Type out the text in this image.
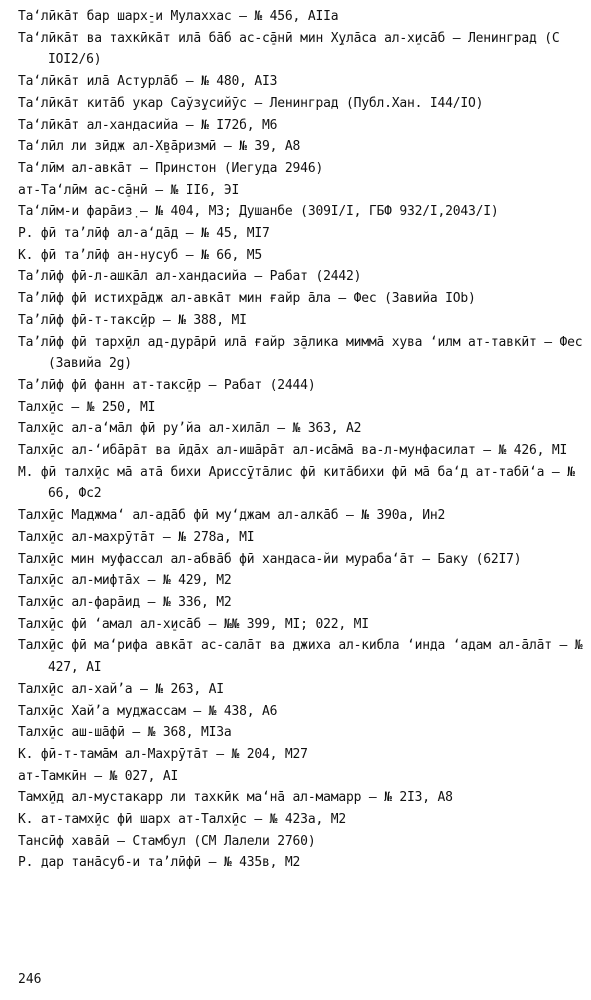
Таʻлӣкāт бар шарх̠-и Мулаххаc – № 456, AIIa
Таʻлӣкāт ва тахкӣкāт илā бāб ас-с̠āнӣ мин Х̠улāса ал-х̠исāб – Ленинград (С IOI2/6)
Таʻлӣкāт илā Астурлāб – № 480, AI3
Таʻлӣкāт китāб укар Саўз̠усийӯс – Ленинград (Публ.Хан. I44/IO)
Таʻлӣкāт ал-хандасийа – № I72б, M6
Таʻлӣл ли зӣдж ал-Х̠вāризмӣ – № 39, A8
Таʻлӣм ал-авкāт – Принстон (Иегуда 2946)
ат-Таʻлӣм ас-с̠āнӣ – № II6, ЭI
Таʻлӣм-и фарāиз̣ – № 404, M3; Душанбе (309I/I, ГБФ 932/I,2043/I)
Р. фӣ таʼлӣф ал-аʻдāд – № 45, MI7
К. фӣ таʼлӣф ан-нусуб – № 66, M5
Таʼлӣф фӣ-л-ашкāл ал-хандасийа – Рабат (2442)
Таʼлӣф фӣ истих̠рāдж ал-авкāт мин ғайр āла – Фес (Завийа IOb)
Таʼлӣф фӣ-т-такс̠ӣр – № 388, MI
Таʼлӣф фӣ тарх̠ӣл ад-дурāрӣ илā ғайр з̠āлика миммā хува ʻилм ат-тавкӣт – Фес (Завийа 2g)
Таʼлӣф фӣ фанн ат-такс̠ӣр – Рабат (2444)
Талх̠ӣс – № 250, MI
Талх̠ӣс ал-аʻмāл фӣ руʼйа ал-хилāл – № 363, A2
Талх̠ӣс ал-ʻибāрāт ва ӣдāх ал-ишāрāт ал-исāмā ва-л-мунфасилат – № 426, MI
M. фӣ талх̠ӣс мā атā бихи Арисс̠ӯтāлис фӣ китāбихи фӣ мā баʻд ат-табӣʻа – № 66, Фс2
Талх̠ӣс Маджмаʻ ал-адāб фӣ муʻджам ал-алкāб – № 390a, Ин2
Талх̠ӣс ал-махрӯтāт – № 278a, MI
Талх̠ӣс мин муфассал ал-абвāб фӣ хандаса-йи мурабаʻāт – Баку (62I7)
Талх̠ӣс ал-мифтāх – № 429, M2
Талх̠ӣс ал-фарāид – № 336, M2
Талх̠ӣс фӣ ʻамал ал-х̠исāб – №№ 399, MI; 022, MI
Талх̠ӣс фӣ маʻрифа авкāт ас-салāт ва джиха ал-кибла ʻинда ʻадам ал-āлāт – № 427, AI
Талх̠ӣс ал-хайʼа – № 263, AI
Талх̠ӣс Хайʼа муджассам – № 438, A6
Талх̠ӣс аш-шāфӣ – № 368, MI3a
K. фӣ-т-тамāм ал-Махрӯтāт – № 204, M27
ат-Тамкӣн – № 027, AI
Тамх̠ӣд ал-мустакарр ли тахкӣк маʻнā ал-мамарр – № 2I3, A8
K. ат-тамх̠ӣс фӣ шарх ат-Талх̠ӣс – № 423a, M2
Тансӣф хавāӣ – Стамбул (СМ Лалели 2760)
Р. дар танāсуб-и таʼлӣфӣ – № 435в, M2
246
